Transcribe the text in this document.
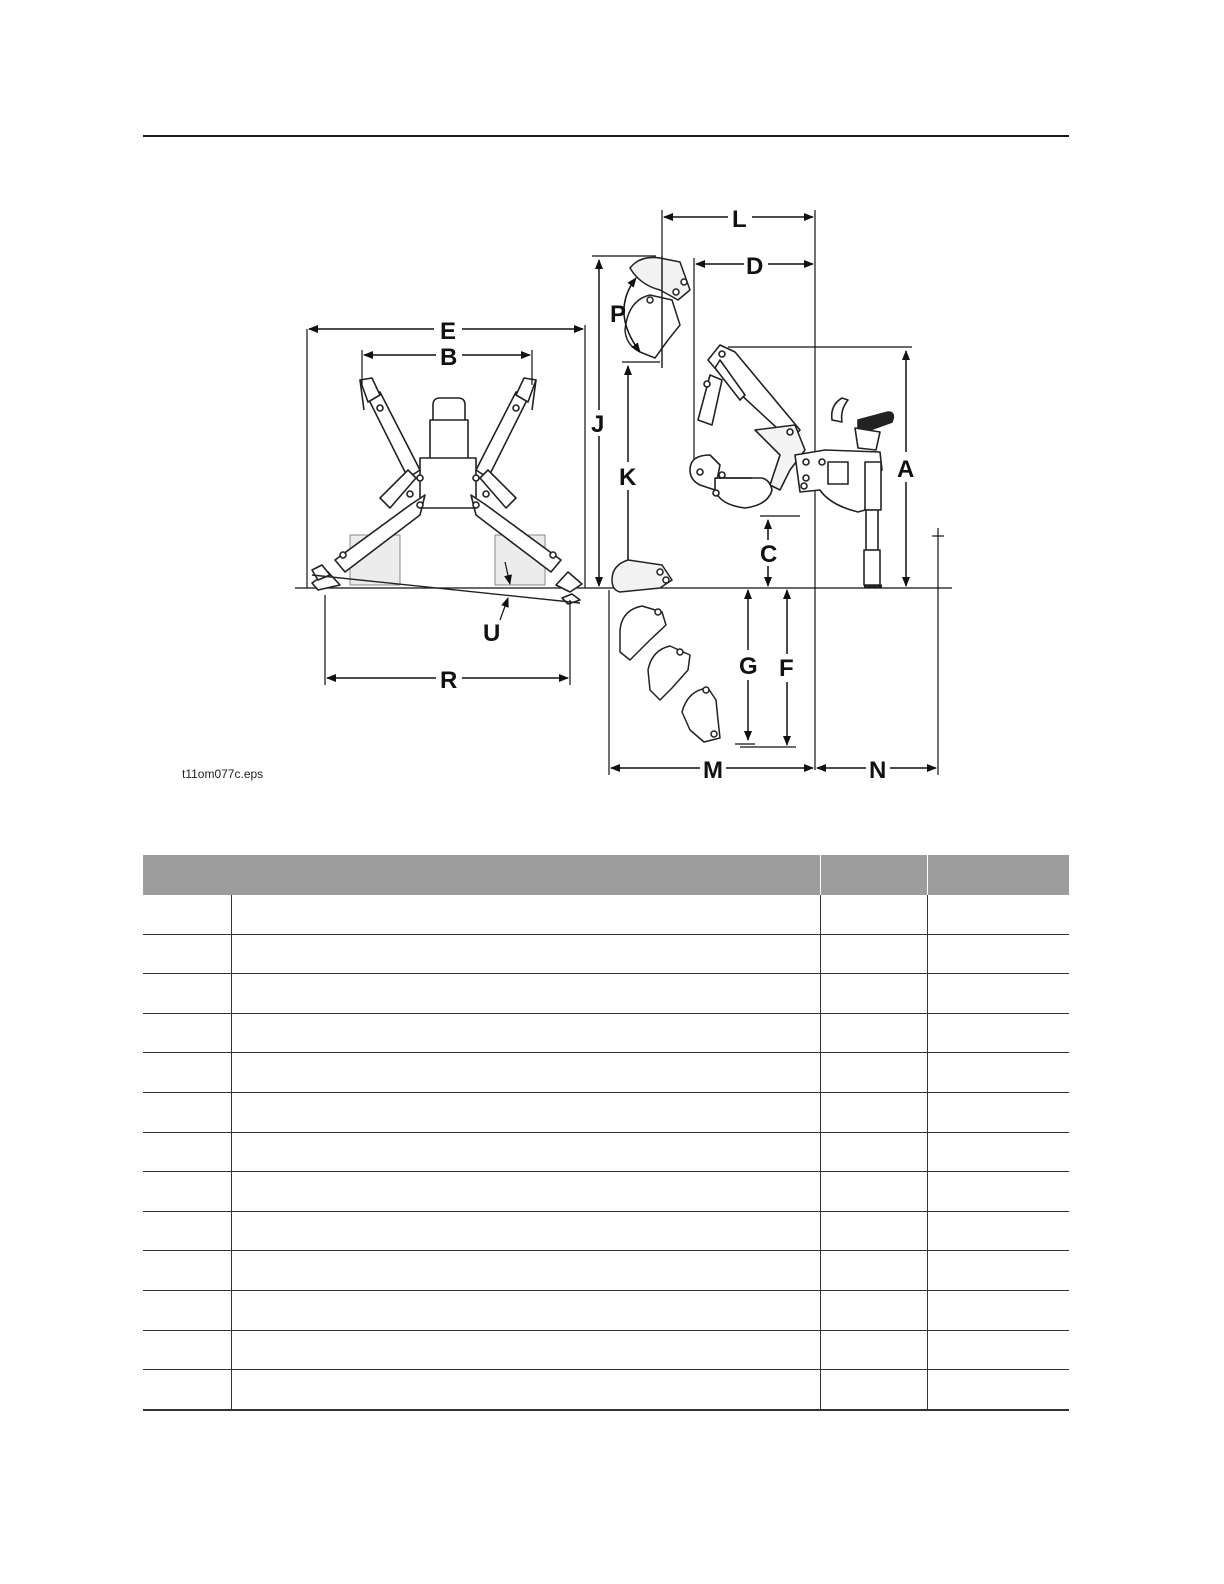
E
B
R
U
J
K
P
L
D
A
C
G F
M	N
t11om077c.eps
